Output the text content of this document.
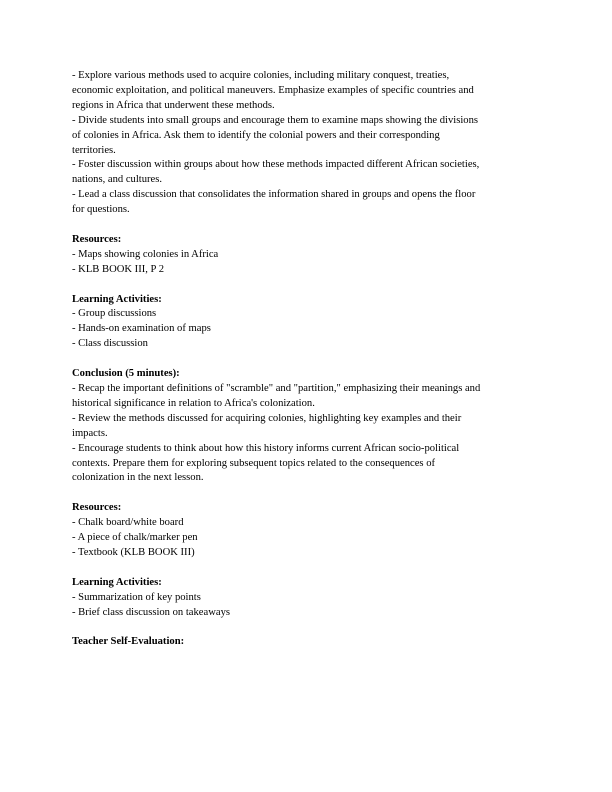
- Explore various methods used to acquire colonies, including military conquest, treaties,
economic exploitation, and political maneuvers. Emphasize examples of specific countries and
regions in Africa that underwent these methods.
- Divide students into small groups and encourage them to examine maps showing the divisions
of colonies in Africa. Ask them to identify the colonial powers and their corresponding
territories.
- Foster discussion within groups about how these methods impacted different African societies,
nations, and cultures.
- Lead a class discussion that consolidates the information shared in groups and opens the floor
for questions.
Resources:
- Maps showing colonies in Africa
- KLB BOOK III, P 2
Learning Activities:
- Group discussions
- Hands-on examination of maps
- Class discussion
Conclusion (5 minutes):
- Recap the important definitions of "scramble" and "partition," emphasizing their meanings and
historical significance in relation to Africa's colonization.
- Review the methods discussed for acquiring colonies, highlighting key examples and their
impacts.
- Encourage students to think about how this history informs current African socio-political
contexts. Prepare them for exploring subsequent topics related to the consequences of
colonization in the next lesson.
Resources:
- Chalk board/white board
- A piece of chalk/marker pen
- Textbook (KLB BOOK III)
Learning Activities:
- Summarization of key points
- Brief class discussion on takeaways
Teacher Self-Evaluation:
